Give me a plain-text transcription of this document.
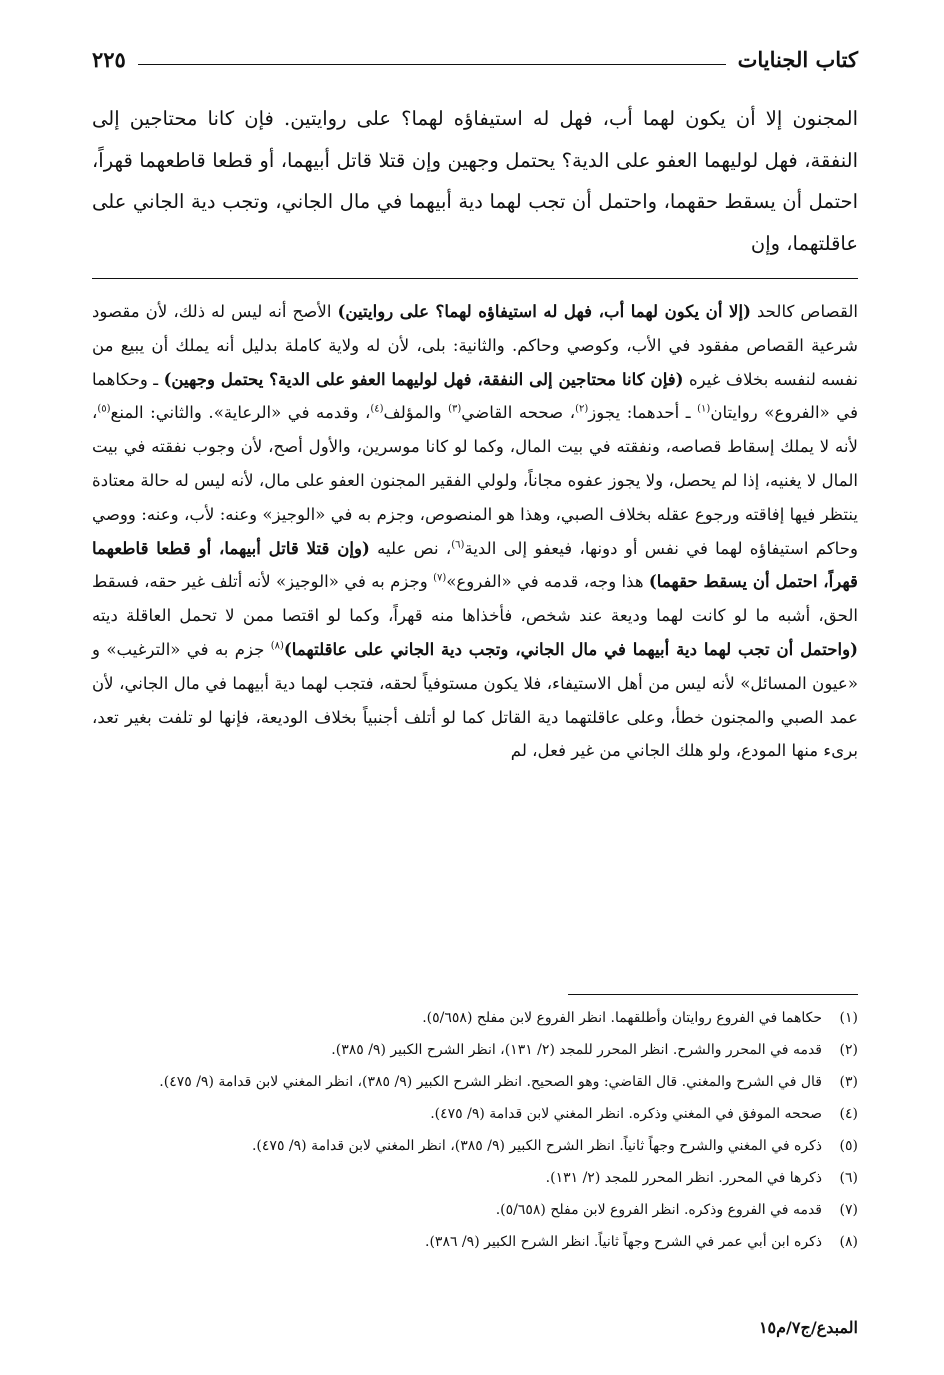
كتاب الجنايات
٢٢٥
المجنون إلا أن يكون لهما أب، فهل له استيفاؤه لهما؟ على روايتين. فإن كانا محتاجين إلى النفقة، فهل لوليهما العفو على الدية؟ يحتمل وجهين وإن قتلا قاتل أبيهما، أو قطعا قاطعهما قهراً، احتمل أن يسقط حقهما، واحتمل أن تجب لهما دية أبيهما في مال الجاني، وتجب دية الجاني على عاقلتهما، وإن
القصاص كالحد (إلا أن يكون لهما أب، فهل له استيفاؤه لهما؟ على روايتين) الأصح أنه ليس له ذلك، لأن مقصود شرعية القصاص مفقود في الأب، وكوصي وحاكم. والثانية: بلى، لأن له ولاية كاملة بدليل أنه يملك أن يبيع من نفسه لنفسه بخلاف غيره (فإن كانا محتاجين إلى النفقة، فهل لوليهما العفو على الدية؟ يحتمل وجهين) ـ وحكاهما في «الفروع» روايتان$^{(١)}$ ـ أحدهما: يجوز$^{(٢)}$، صححه القاضي$^{(٣)}$ والمؤلف$^{(٤)}$، وقدمه في «الرعاية». والثاني: المنع$^{(٥)}$، لأنه لا يملك إسقاط قصاصه، ونفقته في بيت المال، وكما لو كانا موسرين، والأول أصح، لأن وجوب نفقته في بيت المال لا يغنيه، إذا لم يحصل، ولا يجوز عفوه مجاناً، ولولي الفقير المجنون العفو على مال، لأنه ليس له حالة معتادة ينتظر فيها إفاقته ورجوع عقله بخلاف الصبي، وهذا هو المنصوص، وجزم به في «الوجيز» وعنه: لأب، وعنه: ووصي وحاكم استيفاؤه لهما في نفس أو دونها، فيعفو إلى الدية$^{(٦)}$، نص عليه (وإن قتلا قاتل أبيهما، أو قطعا قاطعهما قهراً، احتمل أن يسقط حقهما) هذا وجه، قدمه في «الفروع»$^{(٧)}$ وجزم به في «الوجيز» لأنه أتلف غير حقه، فسقط الحق، أشبه ما لو كانت لهما وديعة عند شخص، فأخذاها منه قهراً، وكما لو اقتصا ممن لا تحمل العاقلة ديته (واحتمل أن تجب لهما دية أبيهما في مال الجاني، وتجب دية الجاني على عاقلتهما)$^{(٨)}$ جزم به في «الترغيب» و «عيون المسائل» لأنه ليس من أهل الاستيفاء، فلا يكون مستوفياً لحقه، فتجب لهما دية أبيهما في مال الجاني، لأن عمد الصبي والمجنون خطأ، وعلى عاقلتهما دية القاتل كما لو أتلف أجنبياً بخلاف الوديعة، فإنها لو تلفت بغير تعد، برىء منها المودع، ولو هلك الجاني من غير فعل، لم
(١)
حكاهما في الفروع روايتان وأطلقهما. انظر الفروع لابن مفلح (٥/٦٥٨).
(٢)
قدمه في المحرر والشرح. انظر المحرر للمجد (٢/ ١٣١)، انظر الشرح الكبير (٩/ ٣٨٥).
(٣)
قال في الشرح والمغني. قال القاضي: وهو الصحيح. انظر الشرح الكبير (٩/ ٣٨٥)، انظر المغني لابن قدامة (٩/ ٤٧٥).
(٤)
صححه الموفق في المغني وذكره. انظر المغني لابن قدامة (٩/ ٤٧٥).
(٥)
ذكره في المغني والشرح وجهاً ثانياً. انظر الشرح الكبير (٩/ ٣٨٥)، انظر المغني لابن قدامة (٩/ ٤٧٥).
(٦)
ذكرها في المحرر. انظر المحرر للمجد (٢/ ١٣١).
(٧)
قدمه في الفروع وذكره. انظر الفروع لابن مفلح (٥/٦٥٨).
(٨)
ذكره ابن أبي عمر في الشرح وجهاً ثانياً. انظر الشرح الكبير (٩/ ٣٨٦).
المبدع/ج٧/م١٥
